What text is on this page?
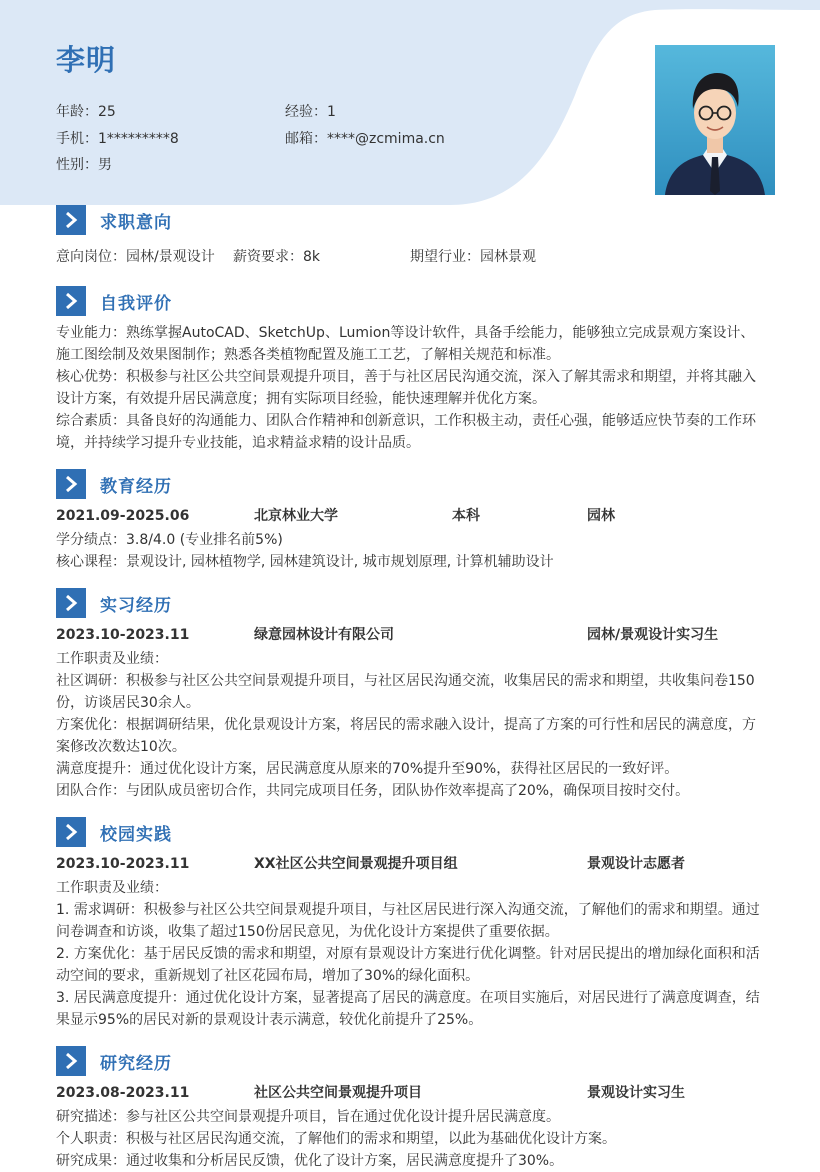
李明
年龄：25	经验：1
手机：1*********8	邮箱：****@zcmima.cn
性别：男
求职意向
意向岗位：园林/景观设计 薪资要求：8k	期望行业：园林景观
自我评价
专业能力：熟练掌握AutoCAD、SketchUp、Lumion等设计软件，具备手绘能力，能够独立完成景观方案设计、施工图绘制及效果图制作；熟悉各类植物配置及施工工艺，了解相关规范和标准。
核心优势：积极参与社区公共空间景观提升项目，善于与社区居民沟通交流，深入了解其需求和期望，并将其融入设计方案，有效提升居民满意度；拥有实际项目经验，能快速理解并优化方案。
综合素质：具备良好的沟通能力、团队合作精神和创新意识，工作积极主动，责任心强，能够适应快节奏的工作环境，并持续学习提升专业技能，追求精益求精的设计品质。
教育经历
2021.09-2025.06	北京林业大学	本科	园林
学分绩点：3.8/4.0 (专业排名前5%)
核心课程：景观设计, 园林植物学, 园林建筑设计, 城市规划原理, 计算机辅助设计
实习经历
2023.10-2023.11	绿意园林设计有限公司	园林/景观设计实习生
工作职责及业绩：
社区调研：积极参与社区公共空间景观提升项目，与社区居民沟通交流，收集居民的需求和期望，共收集问卷150份，访谈居民30余人。
方案优化：根据调研结果，优化景观设计方案，将居民的需求融入设计，提高了方案的可行性和居民的满意度，方案修改次数达10次。
满意度提升：通过优化设计方案，居民满意度从原来的70%提升至90%，获得社区居民的一致好评。
团队合作：与团队成员密切合作，共同完成项目任务，团队协作效率提高了20%，确保项目按时交付。
校园实践
2023.10-2023.11	XX社区公共空间景观提升项目组	景观设计志愿者
工作职责及业绩：
1. 需求调研：积极参与社区公共空间景观提升项目，与社区居民进行深入沟通交流，了解他们的需求和期望。通过问卷调查和访谈，收集了超过150份居民意见，为优化设计方案提供了重要依据。
2. 方案优化：基于居民反馈的需求和期望，对原有景观设计方案进行优化调整。针对居民提出的增加绿化面积和活动空间的要求，重新规划了社区花园布局，增加了30%的绿化面积。
3. 居民满意度提升：通过优化设计方案，显著提高了居民的满意度。在项目实施后，对居民进行了满意度调查，结果显示95%的居民对新的景观设计表示满意，较优化前提升了25%。
研究经历
2023.08-2023.11	社区公共空间景观提升项目	景观设计实习生
研究描述：参与社区公共空间景观提升项目，旨在通过优化设计提升居民满意度。
个人职责：积极与社区居民沟通交流，了解他们的需求和期望，以此为基础优化设计方案。
研究成果：通过收集和分析居民反馈，优化了设计方案，居民满意度提升了30%。
